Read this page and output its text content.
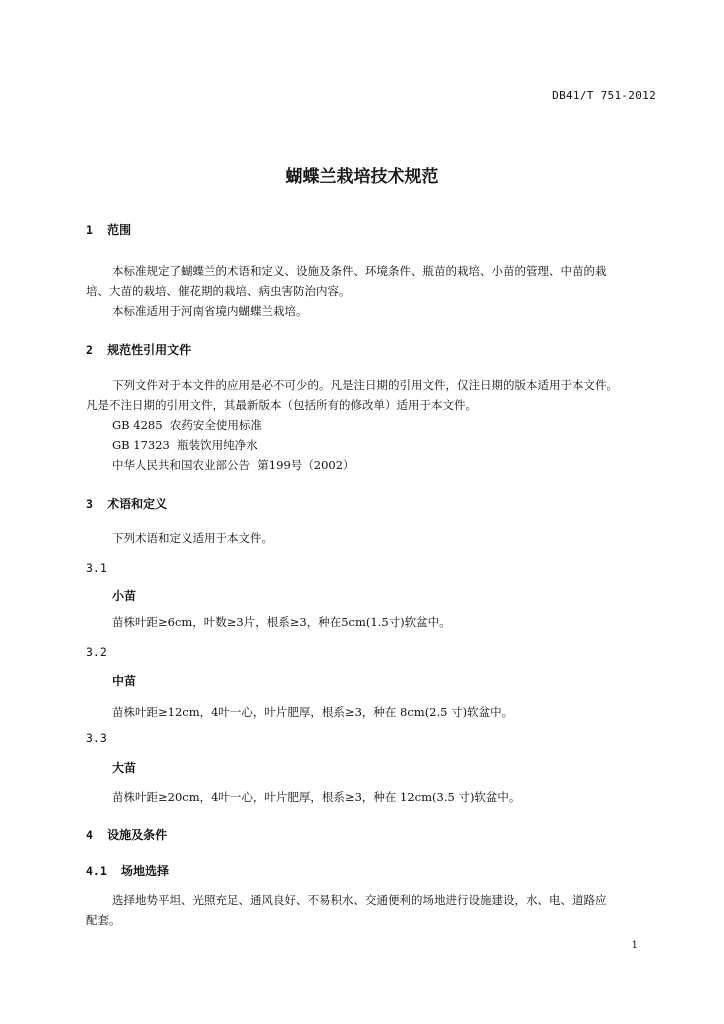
DB41/T 751-2012
蝴蝶兰栽培技术规范
1 范围
本标准规定了蝴蝶兰的术语和定义、设施及条件、环境条件、瓶苗的栽培、小苗的管理、中苗的栽
培、大苗的栽培、催花期的栽培、病虫害防治内容。
本标准适用于河南省境内蝴蝶兰栽培。
2 规范性引用文件
下列文件对于本文件的应用是必不可少的。凡是注日期的引用文件，仅注日期的版本适用于本文件。
凡是不注日期的引用文件，其最新版本（包括所有的修改单）适用于本文件。
GB 4285  农药安全使用标准
GB 17323  瓶装饮用纯净水
中华人民共和国农业部公告  第199号（2002）
3 术语和定义
下列术语和定义适用于本文件。
3.1
小苗
苗株叶距≥6cm，叶数≥3片，根系≥3，种在5cm(1.5寸)软盆中。
3.2
中苗
苗株叶距≥12cm，4叶一心，叶片肥厚，根系≥3，种在 8cm(2.5 寸)软盆中。
3.3
大苗
苗株叶距≥20cm，4叶一心，叶片肥厚，根系≥3，种在 12cm(3.5 寸)软盆中。
4 设施及条件
4.1 场地选择
选择地势平坦、光照充足、通风良好、不易积水、交通便利的场地进行设施建设，水、电、道路应
配套。
1
